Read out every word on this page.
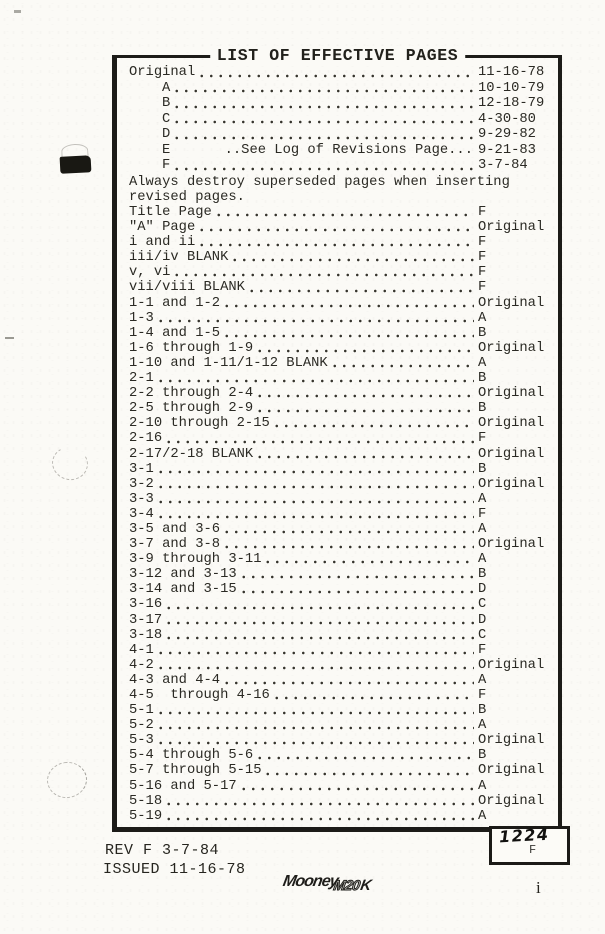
LIST OF EFFECTIVE PAGES
Original	11-16-78
A	10-10-79
B	12-18-79
C	4-30-80
D	9-29-82
E	..See Log of Revisions Page... 9-21-83
F	3-7-84
Always destroy superseded pages when inserting revised pages.
Title Page	F
"A" Page	Original
i and ii	F
iii/iv BLANK	F
v, vi	F
vii/viii BLANK	F
1-1 and 1-2	Original
1-3	A
1-4 and 1-5	B
1-6 through 1-9	Original
1-10 and 1-11/1-12 BLANK	A
2-1	B
2-2 through 2-4	Original
2-5 through 2-9	B
2-10 through 2-15	Original
2-16	F
2-17/2-18 BLANK	Original
3-1	B
3-2	Original
3-3	A
3-4	F
3-5 and 3-6	A
3-7 and 3-8	Original
3-9 through 3-11	A
3-12 and 3-13	B
3-14 and 3-15	D
3-16	C
3-17	D
3-18	C
4-1	F
4-2	Original
4-3 and 4-4	A
4-5  through 4-16	F
5-1	B
5-2	A
5-3	Original
5-4 through 5-6	B
5-7 through 5-15	Original
5-16 and 5-17	A
5-18	Original
5-19	A
1224
F
REV F 3-7-84
ISSUED 11-16-78
MooneyM20K	i
